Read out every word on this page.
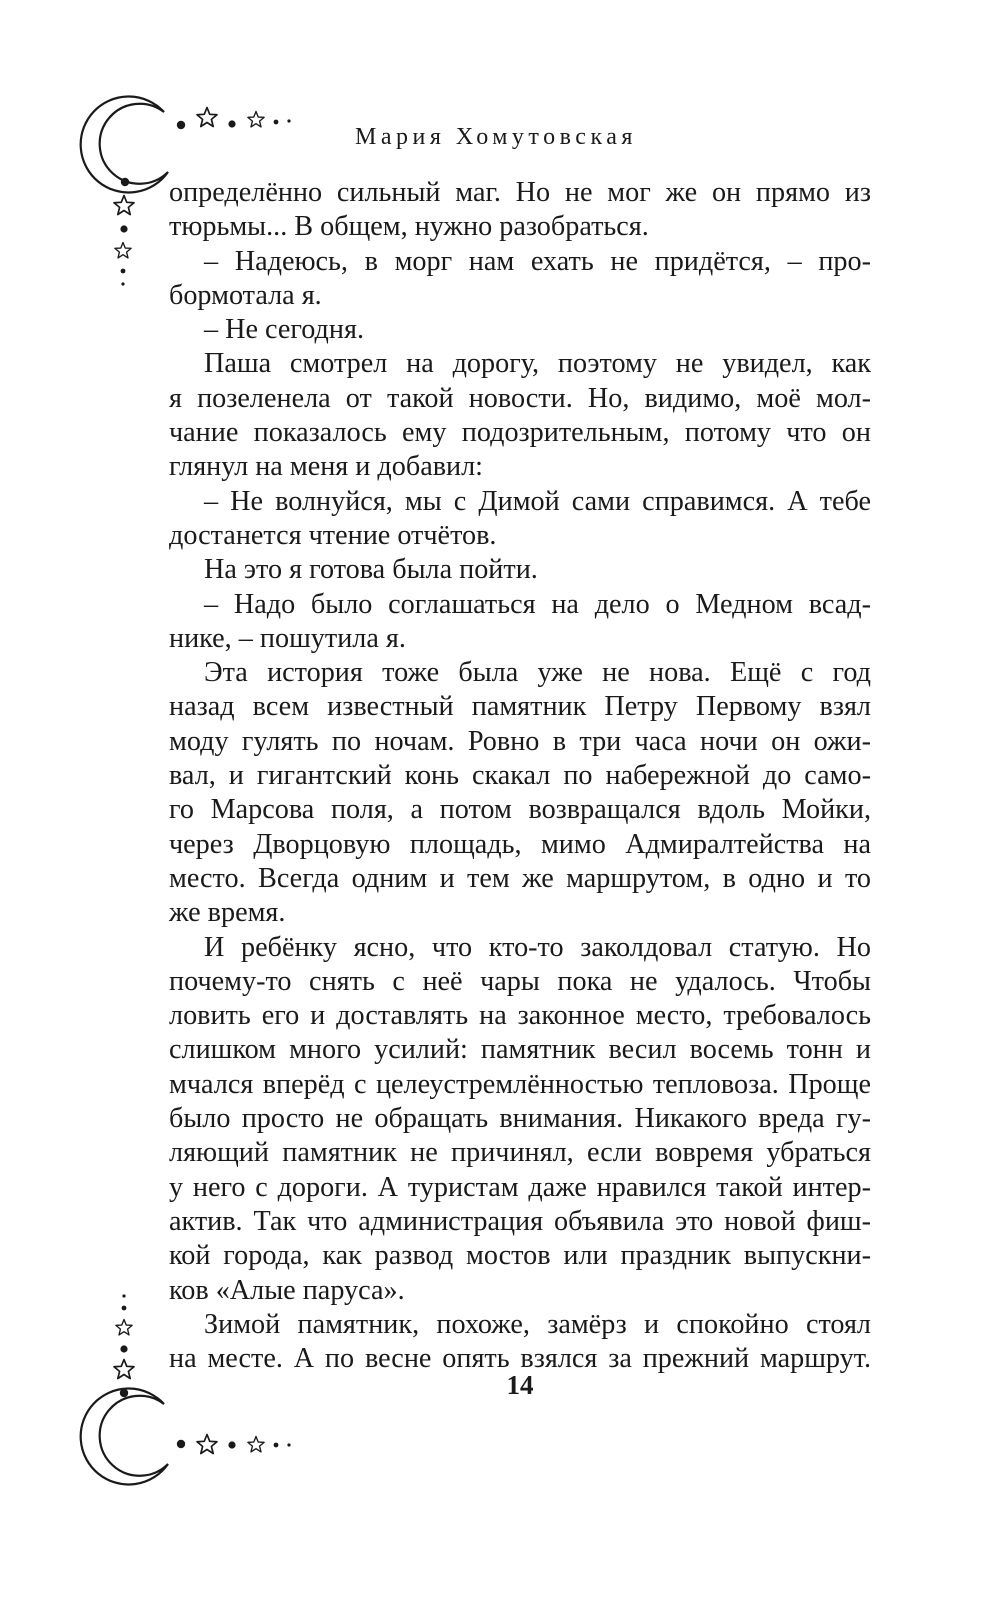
Мария Хомутовская

определённо сильный маг. Но не мог же он прямо из
тюрьмы... В общем, нужно разобраться.

– Надеюсь, в морг нам ехать не придётся, – про-
бормотала я.

– Не сегодня.

Паша смотрел на дорогу, поэтому не увидел, как
я позеленела от такой новости. Но, видимо, моё мол-
чание показалось ему подозрительным, потому что он
глянул на меня и добавил:

– Не волнуйся, мы с Димой сами справимся. А тебе
достанется чтение отчётов.

На это я готова была пойти.

– Надо было соглашаться на дело о Медном всад-
нике, – пошутила я.

Эта история тоже была уже не нова. Ещё с год
назад всем известный памятник Петру Первому взял
моду гулять по ночам. Ровно в три часа ночи он ожи-
вал, и гигантский конь скакал по набережной до само-
го Марсова поля, а потом возвращался вдоль Мойки,
через Дворцовую площадь, мимо Адмиралтейства на
место. Всегда одним и тем же маршрутом, в одно и то
же время.

И ребёнку ясно, что кто-то заколдовал статую. Но
почему-то снять с неё чары пока не удалось. Чтобы
ловить его и доставлять на законное место, требовалось
слишком много усилий: памятник весил восемь тонн и
мчался вперёд с целеустремлённостью тепловоза. Проще
было просто не обращать внимания. Никакого вреда гу-
ляющий памятник не причинял, если вовремя убраться
у него с дороги. А туристам даже нравился такой интер-
актив. Так что администрация объявила это новой фиш-
кой города, как развод мостов или праздник выпускни-
ков «Алые паруса».

Зимой памятник, похоже, замёрз и спокойно стоял
на месте. А по весне опять взялся за прежний маршрут.

14
